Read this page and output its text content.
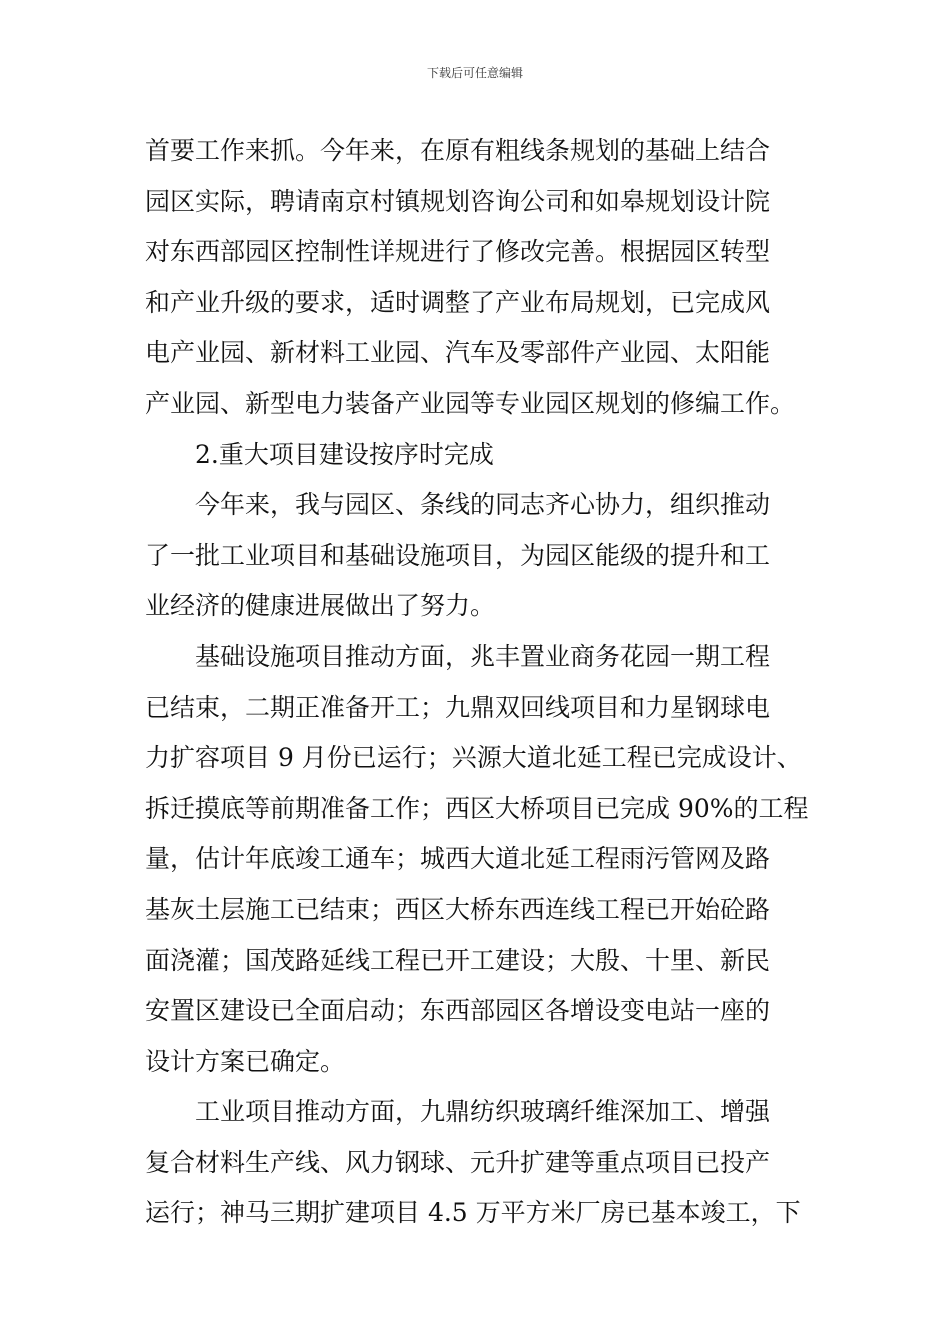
下载后可任意编辑
首要工作来抓。今年来，在原有粗线条规划的基础上结合
园区实际，聘请南京村镇规划咨询公司和如皋规划设计院
对东西部园区控制性详规进行了修改完善。根据园区转型
和产业升级的要求，适时调整了产业布局规划，已完成风
电产业园、新材料工业园、汽车及零部件产业园、太阳能
产业园、新型电力装备产业园等专业园区规划的修编工作。
2.重大项目建设按序时完成
今年来，我与园区、条线的同志齐心协力，组织推动
了一批工业项目和基础设施项目，为园区能级的提升和工
业经济的健康进展做出了努力。
基础设施项目推动方面，兆丰置业商务花园一期工程
已结束，二期正准备开工；九鼎双回线项目和力星钢球电
力扩容项目 9 月份已运行；兴源大道北延工程已完成设计、
拆迁摸底等前期准备工作；西区大桥项目已完成 90%的工程
量，估计年底竣工通车；城西大道北延工程雨污管网及路
基灰土层施工已结束；西区大桥东西连线工程已开始砼路
面浇灌；国茂路延线工程已开工建设；大殷、十里、新民
安置区建设已全面启动；东西部园区各增设变电站一座的
设计方案已确定。
工业项目推动方面，九鼎纺织玻璃纤维深加工、增强
复合材料生产线、风力钢球、元升扩建等重点项目已投产
运行；神马三期扩建项目 4.5 万平方米厂房已基本竣工，下
